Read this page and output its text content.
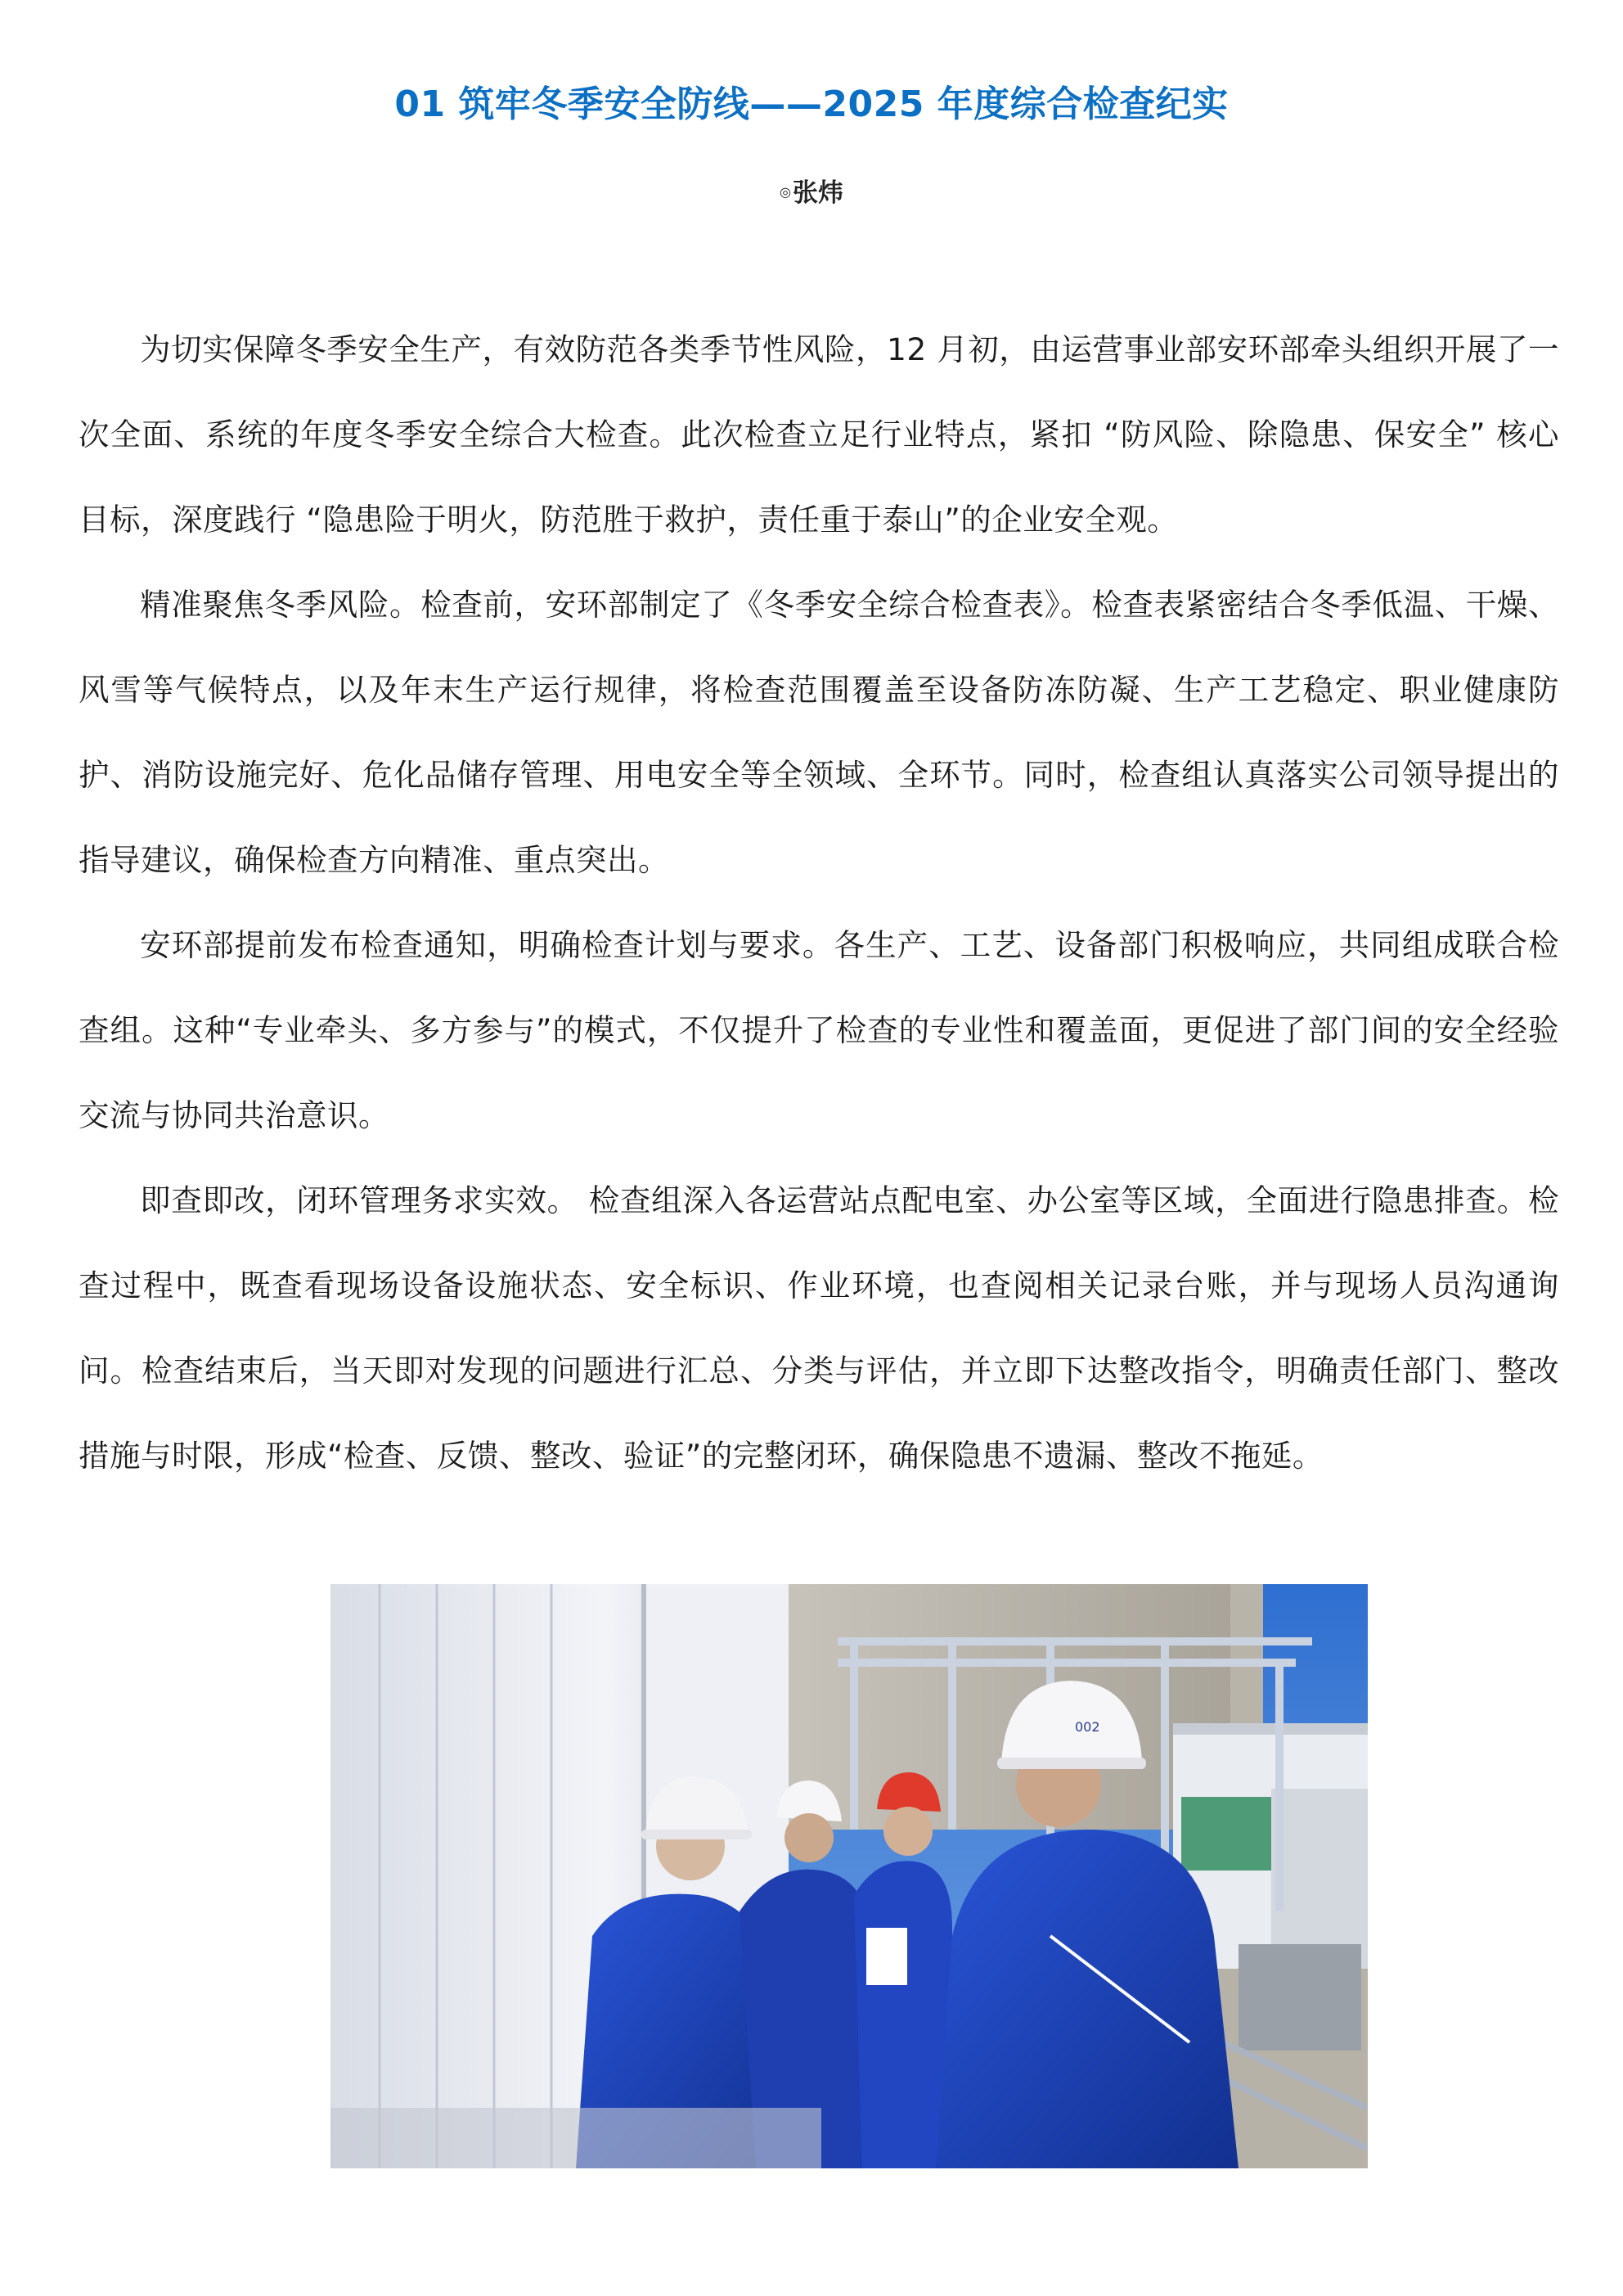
01 筑牢冬季安全防线——2025 年度综合检查纪实
◎张炜

为切实保障冬季安全生产，有效防范各类季节性风险，12 月初，由运营事业部安环部牵头组织开展了一次全面、系统的年度冬季安全综合大检查。此次检查立足行业特点，紧扣 “防风险、除隐患、保安全” 核心目标，深度践行 “隐患险于明火，防范胜于救护，责任重于泰山”的企业安全观。

精准聚焦冬季风险。检查前，安环部制定了《冬季安全综合检查表》。检查表紧密结合冬季低温、干燥、风雪等气候特点，以及年末生产运行规律，将检查范围覆盖至设备防冻防凝、生产工艺稳定、职业健康防护、消防设施完好、危化品储存管理、用电安全等全领域、全环节。同时，检查组认真落实公司领导提出的指导建议，确保检查方向精准、重点突出。

安环部提前发布检查通知，明确检查计划与要求。各生产、工艺、设备部门积极响应，共同组成联合检查组。这种“专业牵头、多方参与”的模式，不仅提升了检查的专业性和覆盖面，更促进了部门间的安全经验交流与协同共治意识。

即查即改，闭环管理务求实效。 检查组深入各运营站点配电室、办公室等区域，全面进行隐患排查。检查过程中，既查看现场设备设施状态、安全标识、作业环境，也查阅相关记录台账，并与现场人员沟通询问。检查结束后，当天即对发现的问题进行汇总、分类与评估，并立即下达整改指令，明确责任部门、整改措施与时限，形成“检查、反馈、整改、验证”的完整闭环，确保隐患不遗漏、整改不拖延。

002
